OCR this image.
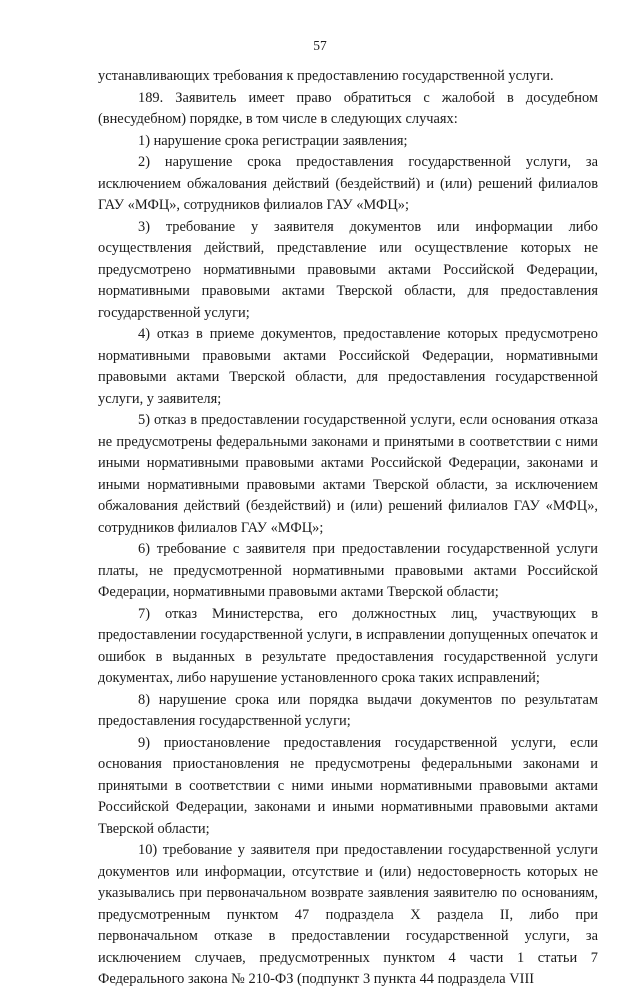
57

устанавливающих требования к предоставлению государственной услуги.

189. Заявитель имеет право обратиться с жалобой в досудебном (внесудебном) порядке, в том числе в следующих случаях:

1) нарушение срока регистрации заявления;

2) нарушение срока предоставления государственной услуги, за исключением обжалования действий (бездействий) и (или) решений филиалов ГАУ «МФЦ», сотрудников филиалов ГАУ «МФЦ»;

3) требование у заявителя документов или информации либо осуществления действий, представление или осуществление которых не предусмотрено нормативными правовыми актами Российской Федерации, нормативными правовыми актами Тверской области, для предоставления государственной услуги;

4) отказ в приеме документов, предоставление которых предусмотрено нормативными правовыми актами Российской Федерации, нормативными правовыми актами Тверской области, для предоставления государственной услуги, у заявителя;

5) отказ в предоставлении государственной услуги, если основания отказа не предусмотрены федеральными законами и принятыми в соответствии с ними иными нормативными правовыми актами Российской Федерации, законами и иными нормативными правовыми актами Тверской области, за исключением обжалования действий (бездействий) и (или) решений филиалов ГАУ «МФЦ», сотрудников филиалов ГАУ «МФЦ»;

6) требование с заявителя при предоставлении государственной услуги платы, не предусмотренной нормативными правовыми актами Российской Федерации, нормативными правовыми актами Тверской области;

7) отказ Министерства, его должностных лиц, участвующих в предоставлении государственной услуги, в исправлении допущенных опечаток и ошибок в выданных в результате предоставления государственной услуги документах, либо нарушение установленного срока таких исправлений;

8) нарушение срока или порядка выдачи документов по результатам предоставления государственной услуги;

9) приостановление предоставления государственной услуги, если основания приостановления не предусмотрены федеральными законами и принятыми в соответствии с ними иными нормативными правовыми актами Российской Федерации, законами и иными нормативными правовыми актами Тверской области;

10) требование у заявителя при предоставлении государственной услуги документов или информации, отсутствие и (или) недостоверность которых не указывались при первоначальном возврате заявления заявителю по основаниям, предусмотренным пунктом 47 подраздела X раздела II, либо при первоначальном отказе в предоставлении государственной услуги, за исключением случаев, предусмотренных пунктом 4 части 1 статьи 7 Федерального закона № 210-ФЗ (подпункт 3 пункта 44 подраздела VIII
